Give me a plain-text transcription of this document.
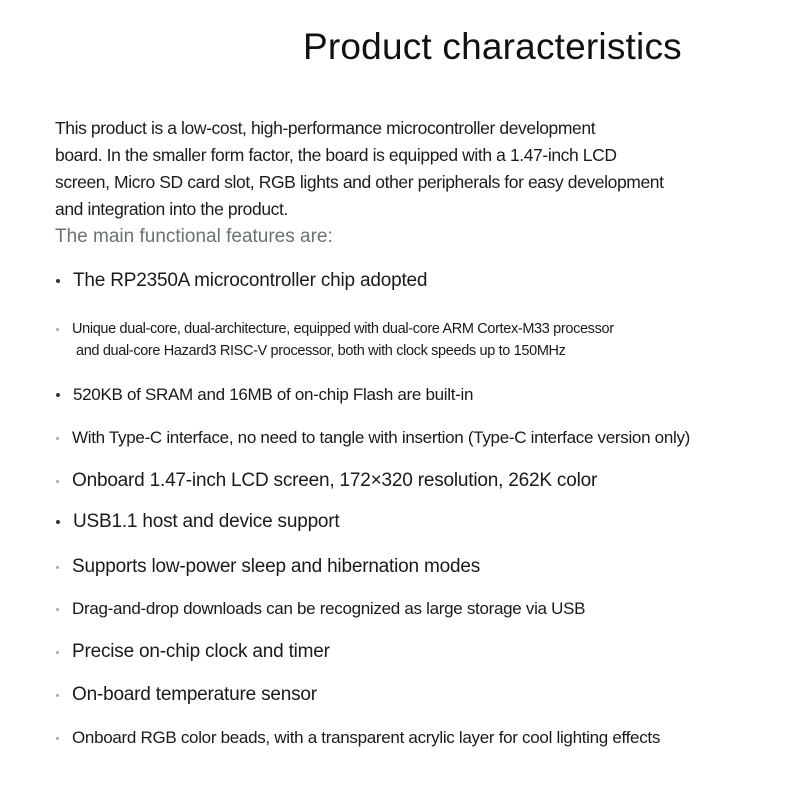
Product characteristics

This product is a low-cost, high-performance microcontroller development
board. In the smaller form factor, the board is equipped with a 1.47-inch LCD
screen, Micro SD card slot, RGB lights and other peripherals for easy development
and integration into the product.

The main functional features are:

The RP2350A microcontroller chip adopted
Unique dual-core, dual-architecture, equipped with dual-core ARM Cortex-M33 processor
and dual-core Hazard3 RISC-V processor, both with clock speeds up to 150MHz
520KB of SRAM and 16MB of on-chip Flash are built-in
With Type-C interface, no need to tangle with insertion (Type-C interface version only)
Onboard 1.47-inch LCD screen, 172×320 resolution, 262K color
USB1.1 host and device support
Supports low-power sleep and hibernation modes
Drag-and-drop downloads can be recognized as large storage via USB
Precise on-chip clock and timer
On-board temperature sensor
Onboard RGB color beads, with a transparent acrylic layer for cool lighting effects
